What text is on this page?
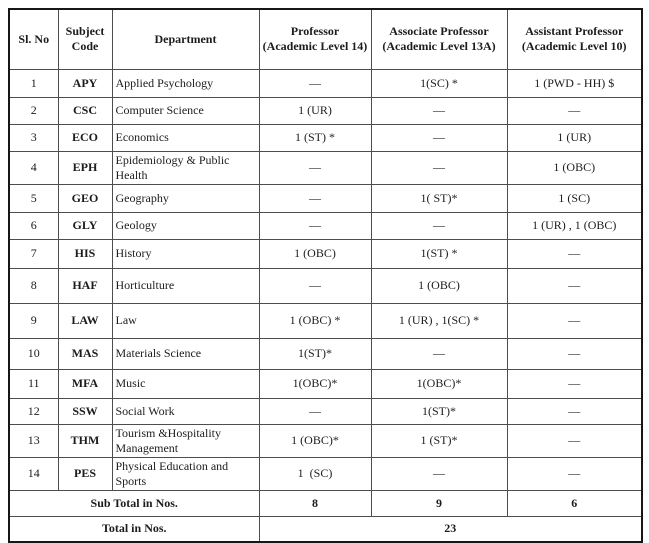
Sl. No	Subject Code	Department	Professor (Academic Level 14)	Associate Professor (Academic Level 13A)	Assistant Professor (Academic Level 10)
1	APY	Applied Psychology	—	1(SC) *	1 (PWD - HH) $
2	CSC	Computer Science	1 (UR)	—	—
3	ECO	Economics	1 (ST) *	—	1 (UR)
4	EPH	Epidemiology & Public Health	—	—	1 (OBC)
5	GEO	Geography	—	1( ST)*	1 (SC)
6	GLY	Geology	—	—	1 (UR) , 1 (OBC)
7	HIS	History	1 (OBC)	1(ST) *	—
8	HAF	Horticulture	—	1 (OBC)	—
9	LAW	Law	1 (OBC) *	1 (UR) , 1(SC) *	—
10	MAS	Materials Science	1(ST)*	—	—
11	MFA	Music	1(OBC)*	1(OBC)*	—
12	SSW	Social Work	—	1(ST)*	—
13	THM	Tourism &Hospitality Management	1 (OBC)*	1 (ST)*	—
14	PES	Physical Education and Sports	1  (SC)	—	—
Sub Total in Nos.			8	9	6
Total in Nos.			23		
